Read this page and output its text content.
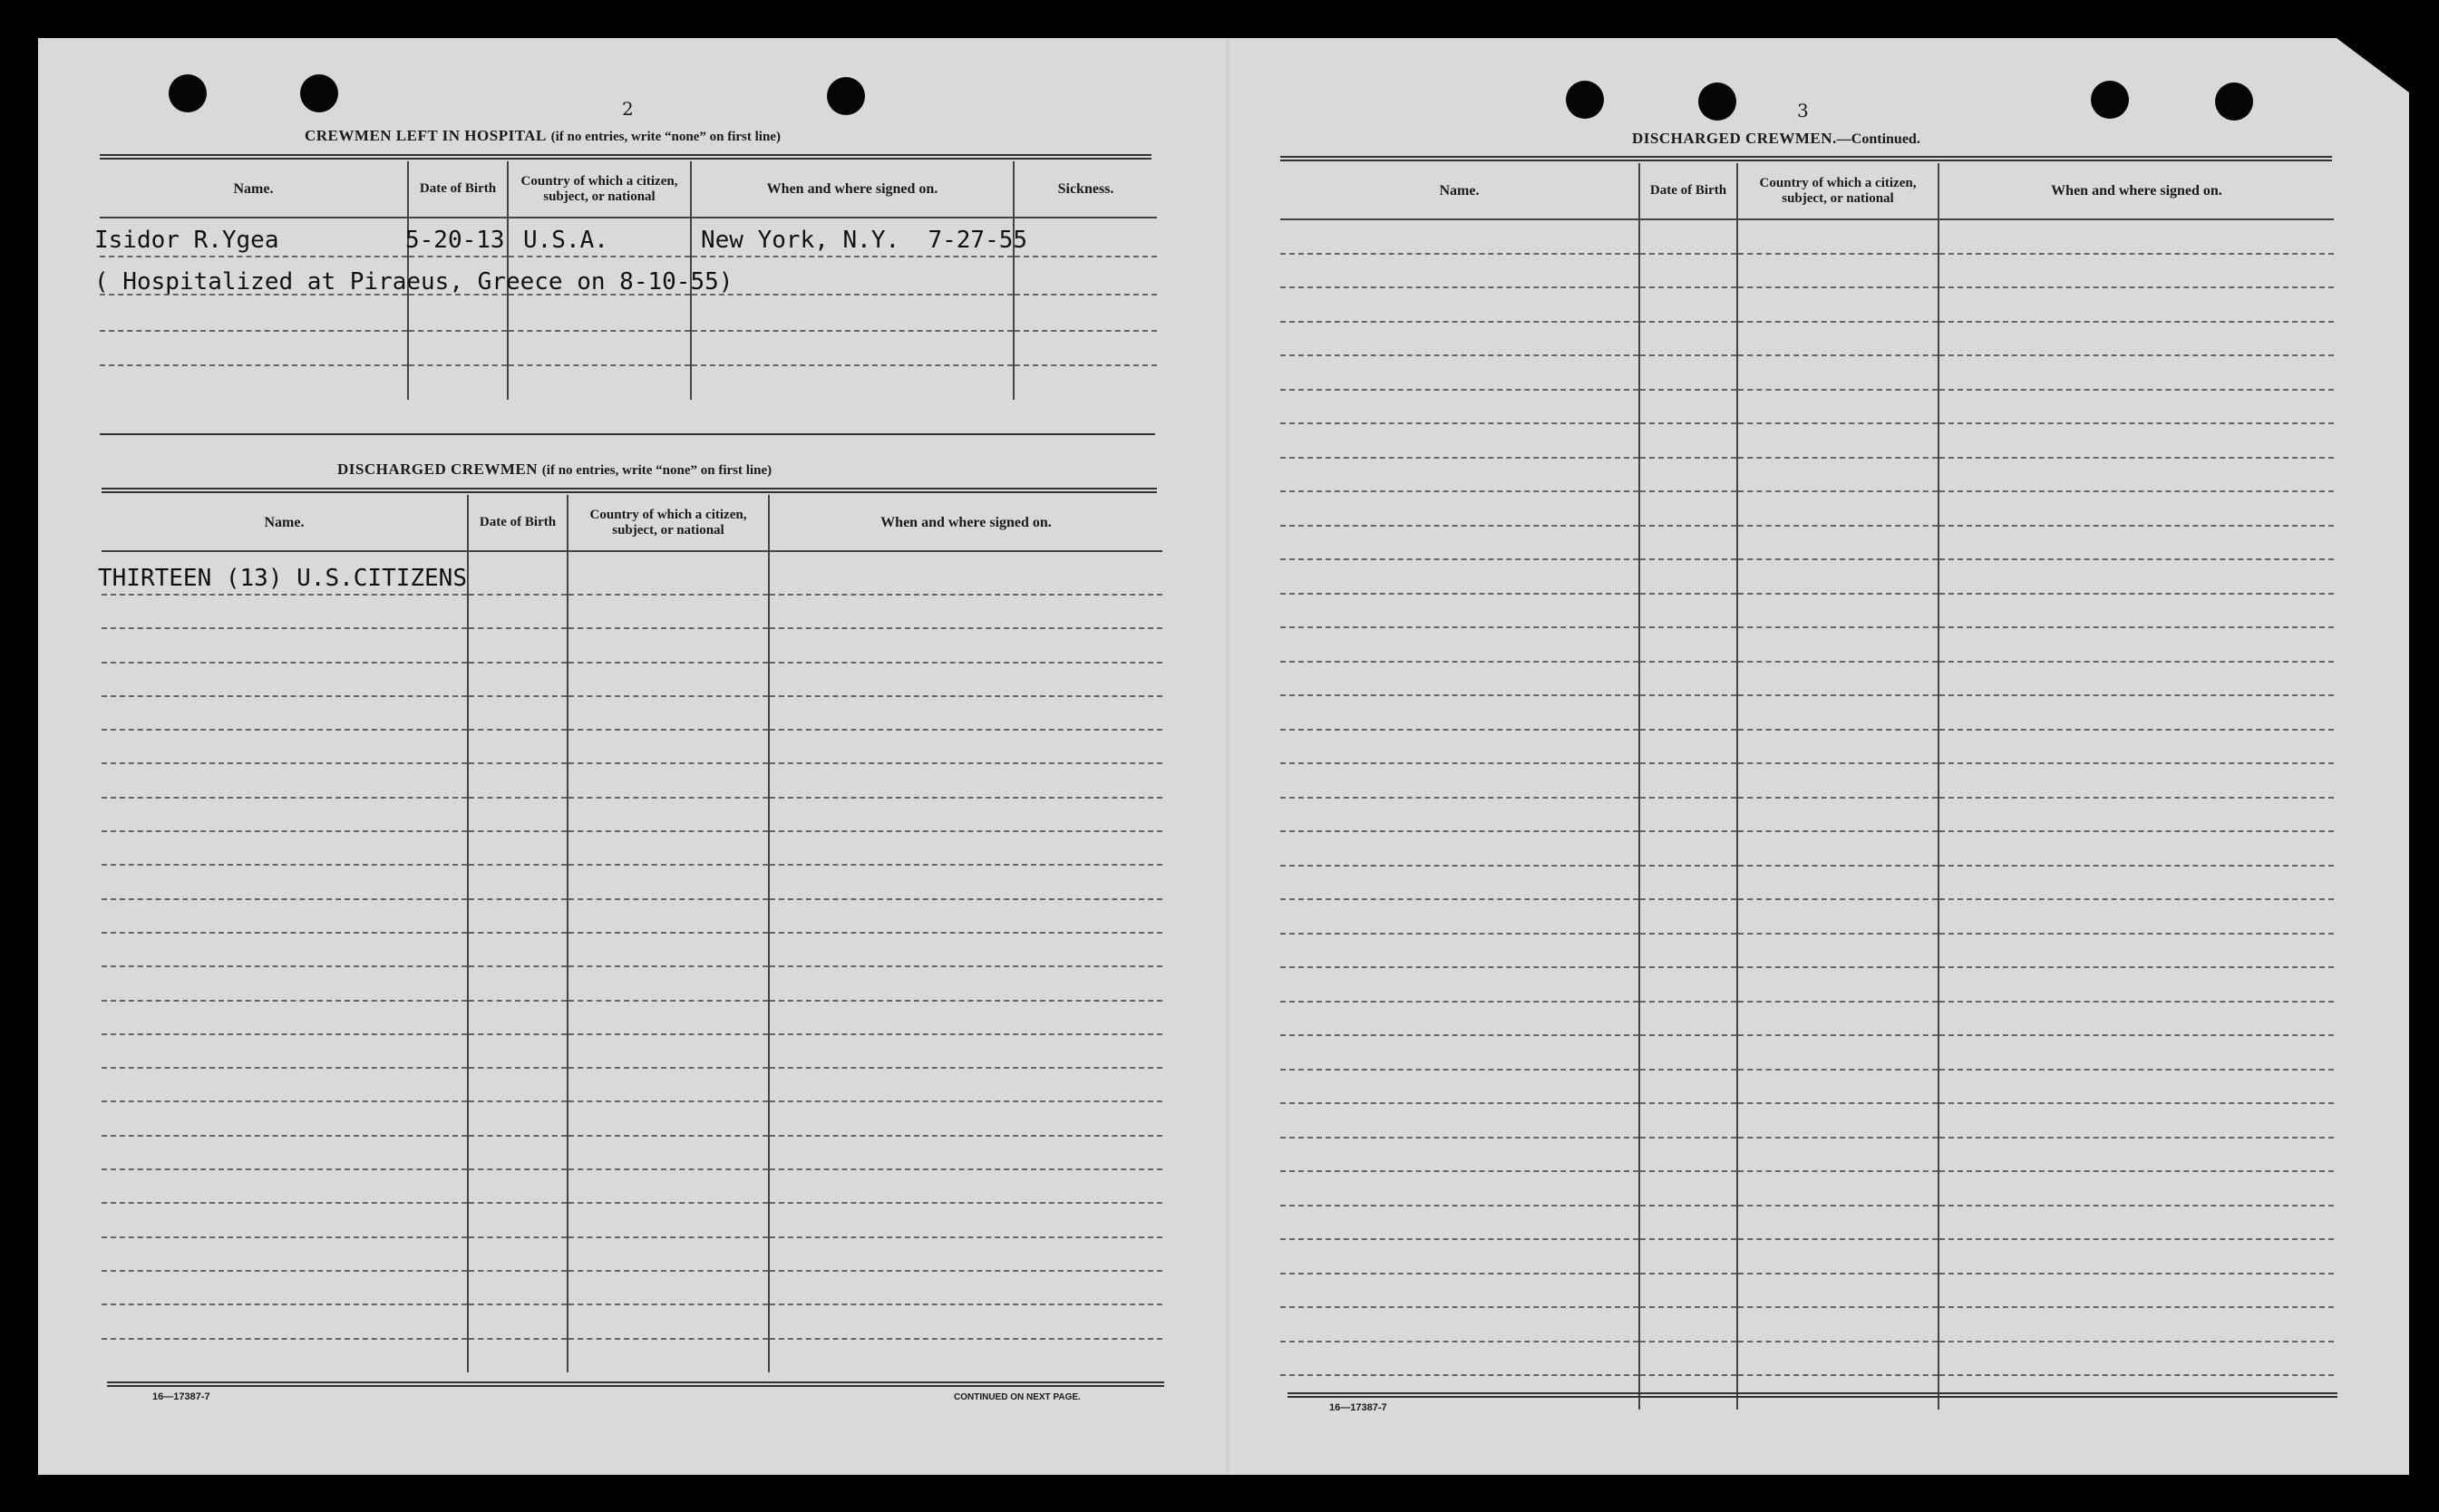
2
CREWMEN LEFT IN HOSPITAL (if no entries, write “none” on first line)
Name.	Date of Birth	Country of which a citizen, subject, or national	When and where signed on.	Sickness.
Isidor R.Ygea	5-20-13	U.S.A.	New York, N.Y.  7-27-55	

( Hospitalized at Piraeus, Greece on 8-10-55)
DISCHARGED CREWMEN (if no entries, write “none” on first line)
Name.	Date of Birth	Country of which a citizen, subject, or national	When and where signed on.
THIRTEEN (13) U.S.CITIZENS			

16—17387-7	CONTINUED ON NEXT PAGE.
3
DISCHARGED CREWMEN.—Continued.
Name.	Date of Birth	Country of which a citizen, subject, or national	When and where signed on.

16—17387-7
